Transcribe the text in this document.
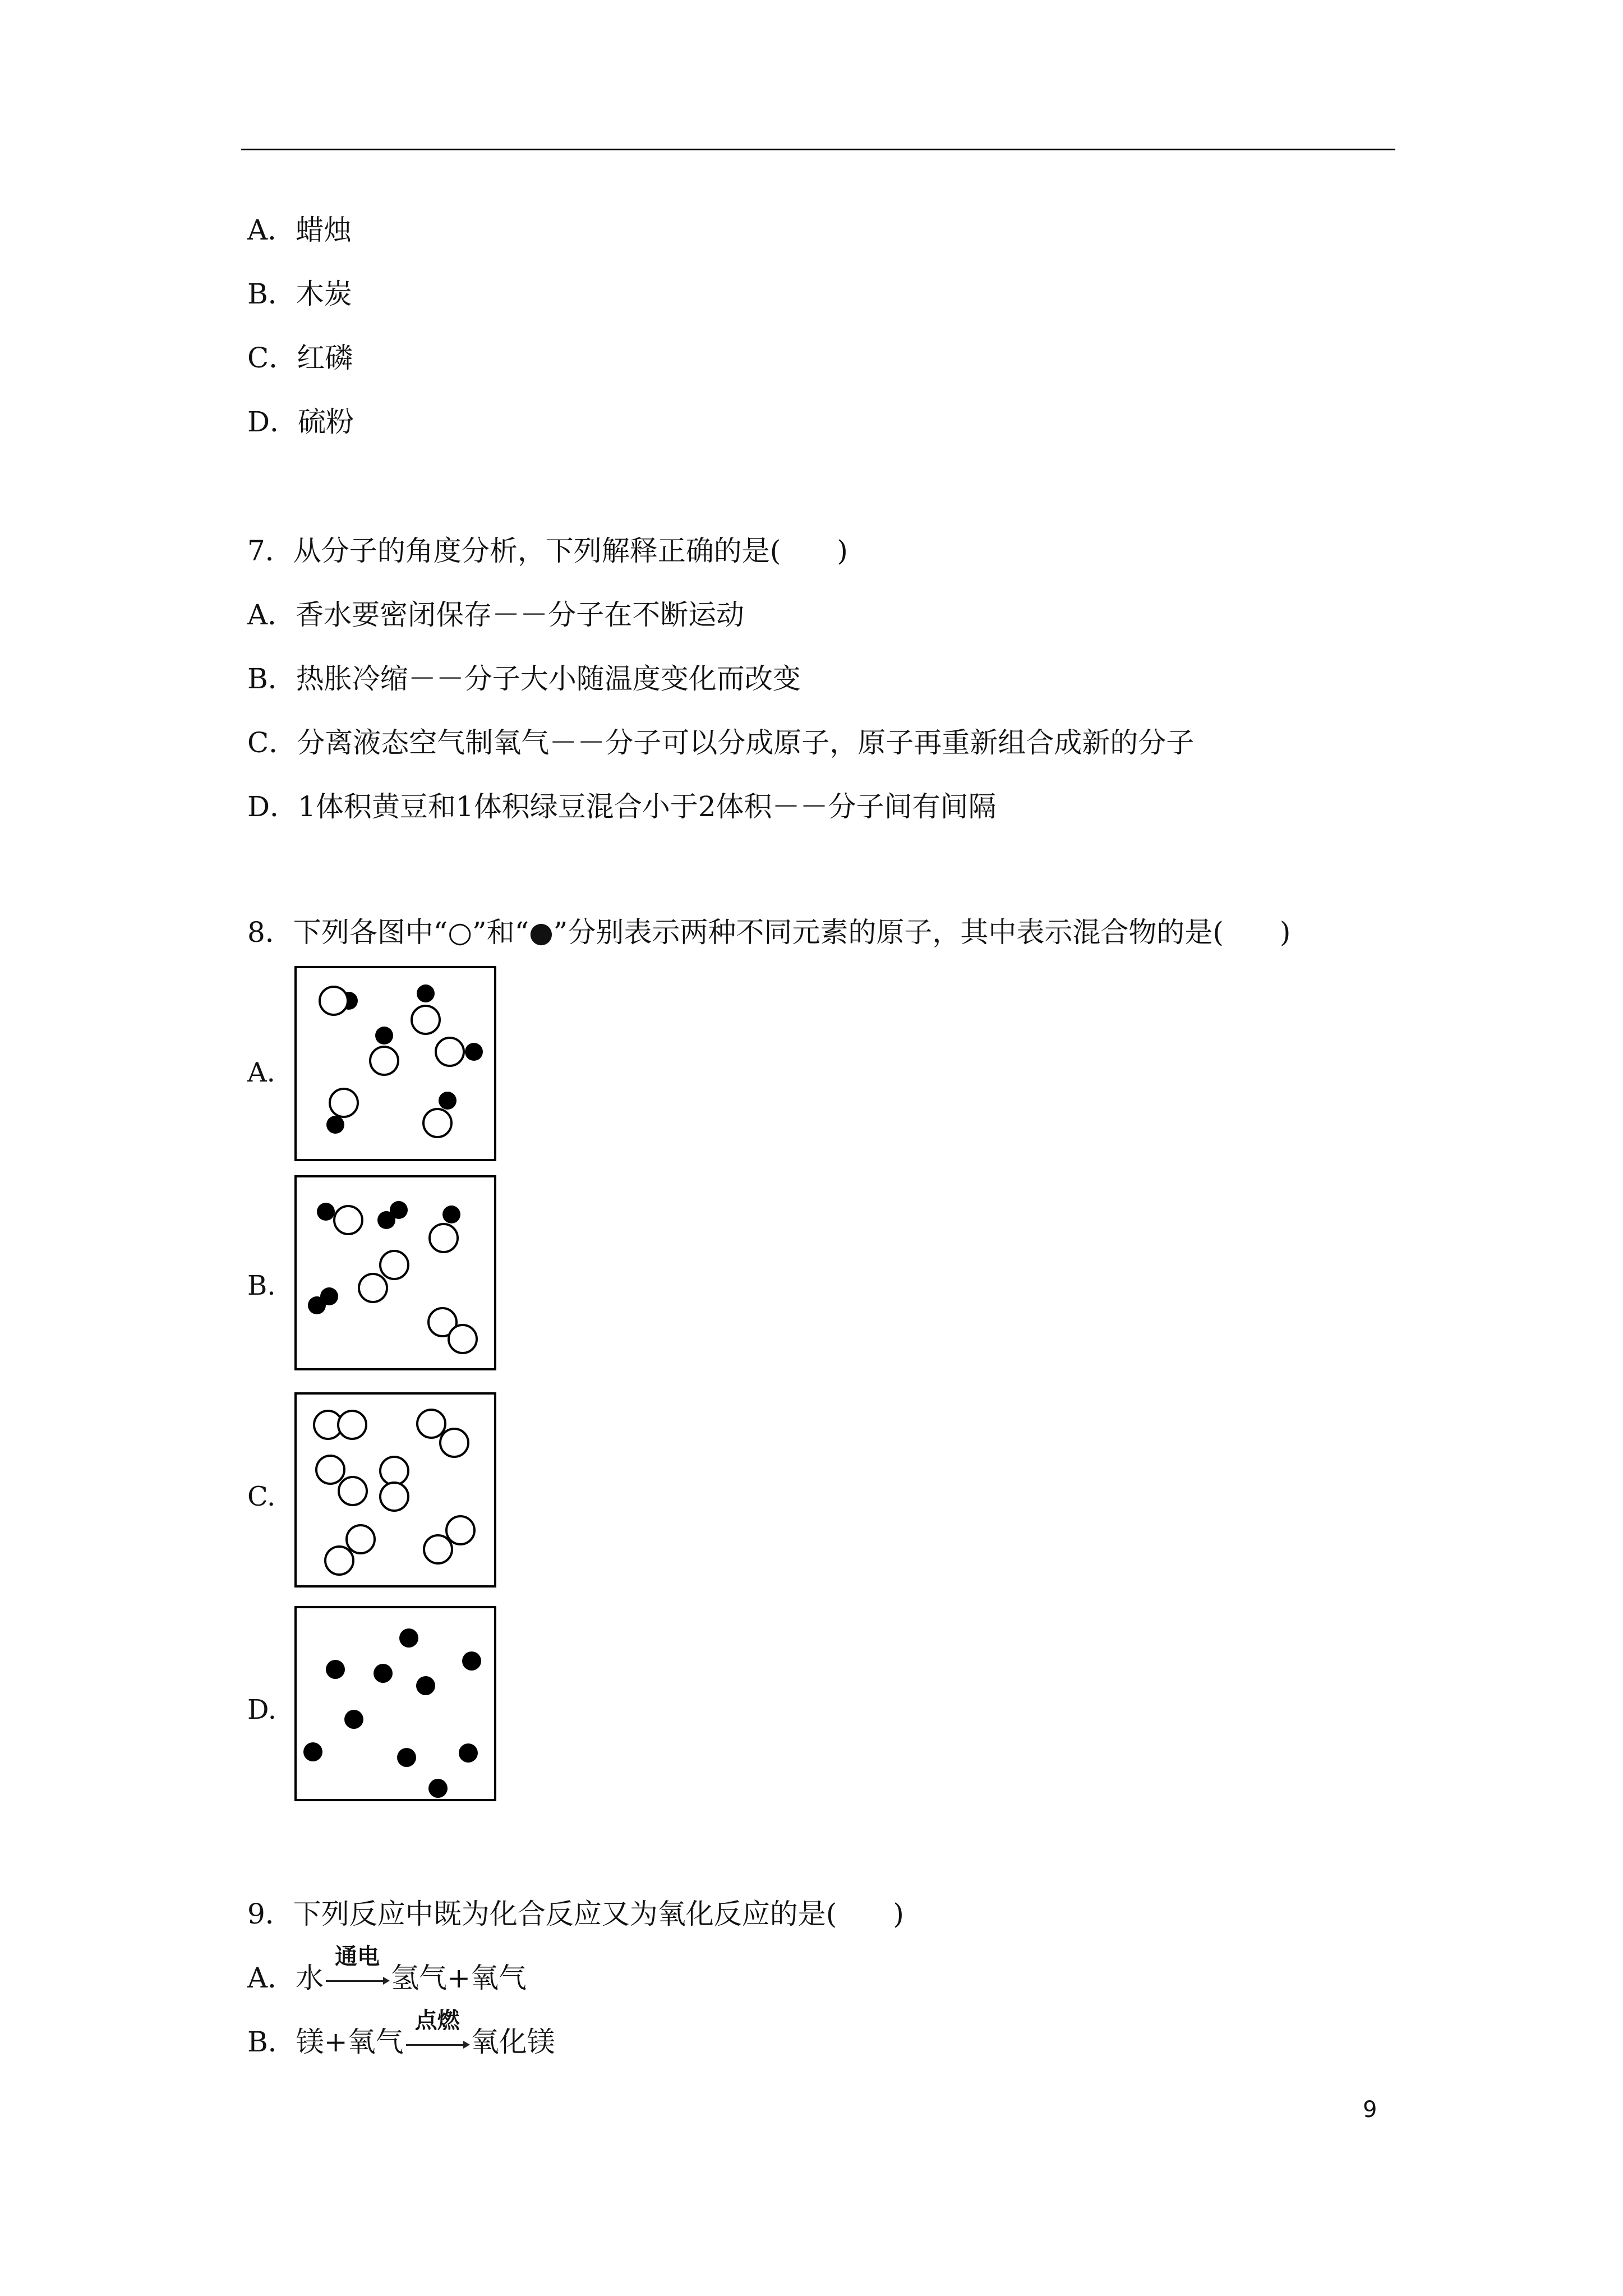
A．蜡烛
B．木炭
C．红磷
D．硫粉
7．从分子的角度分析，下列解释正确的是(　　)
A．香水要密闭保存－－分子在不断运动
B．热胀冷缩－－分子大小随温度变化而改变
C．分离液态空气制氧气－－分子可以分成原子，原子再重新组合成新的分子
D．1体积黄豆和1体积绿豆混合小于2体积－－分子间有间隔
8．下列各图中“○”和“●”分别表示两种不同元素的原子，其中表示混合物的是(　　)
A.
B.
C.
D.
9．下列反应中既为化合反应又为氧化反应的是(　　)
A．水
通电
氢气+氧气
B．镁+氧气
点燃
氧化镁
9
